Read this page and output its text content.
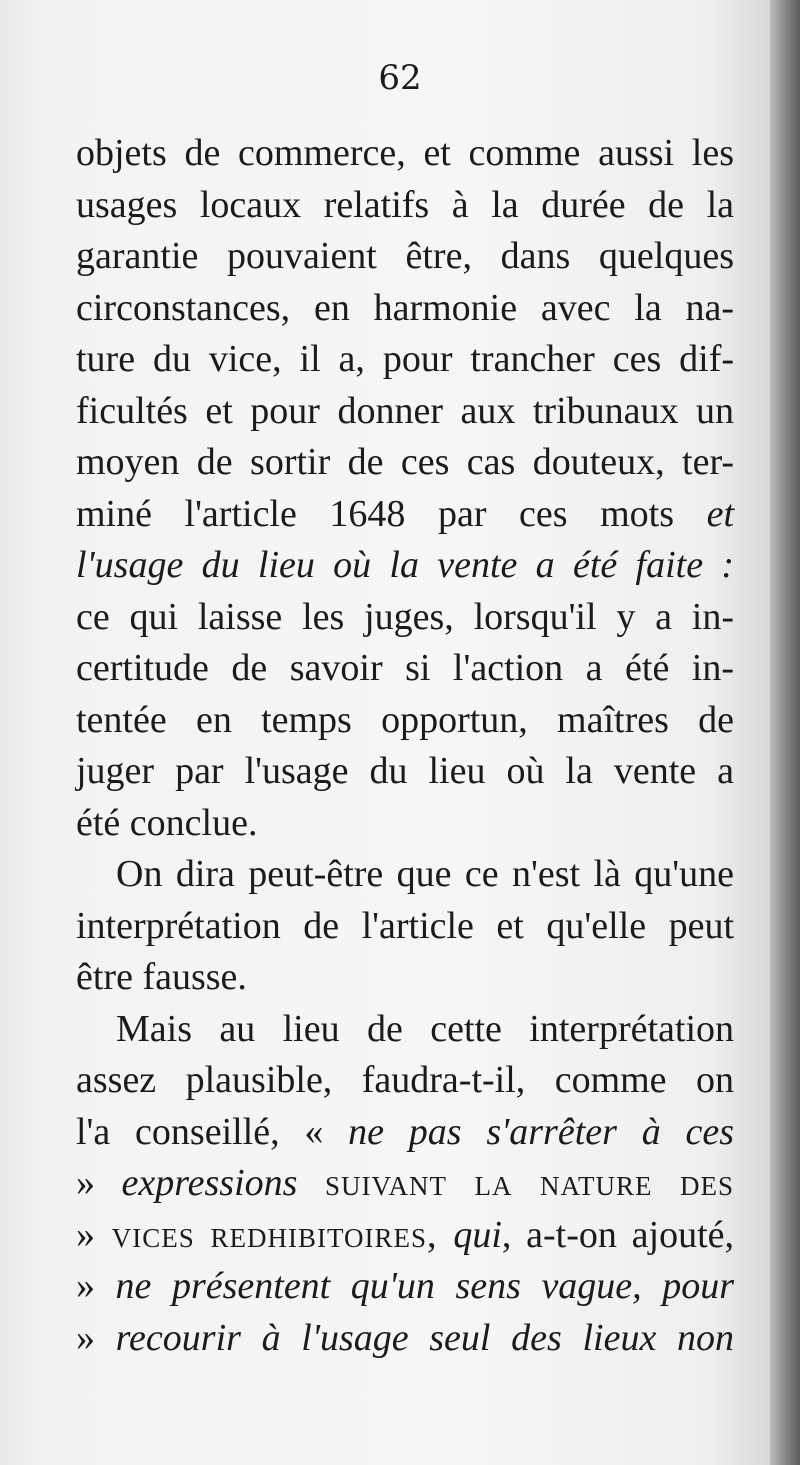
62
objets de commerce, et comme aussi les
usages locaux relatifs à la durée de la
garantie pouvaient être, dans quelques
circonstances, en harmonie avec la na-
ture du vice, il a, pour trancher ces dif-
ficultés et pour donner aux tribunaux un
moyen de sortir de ces cas douteux, ter-
miné l'article 1648 par ces mots et
l'usage du lieu où la vente a été faite :
ce qui laisse les juges, lorsqu'il y a in-
certitude de savoir si l'action a été in-
tentée en temps opportun, maîtres de
juger par l'usage du lieu où la vente a
été conclue.
On dira peut-être que ce n'est là qu'une
interprétation de l'article et qu'elle peut
être fausse.
Mais au lieu de cette interprétation
assez plausible, faudra-t-il, comme on
l'a conseillé, « ne pas s'arrêter à ces
» expressions suivant la nature des
» vices redhibitoires, qui, a-t-on ajouté,
» ne présentent qu'un sens vague, pour
» recourir à l'usage seul des lieux non
